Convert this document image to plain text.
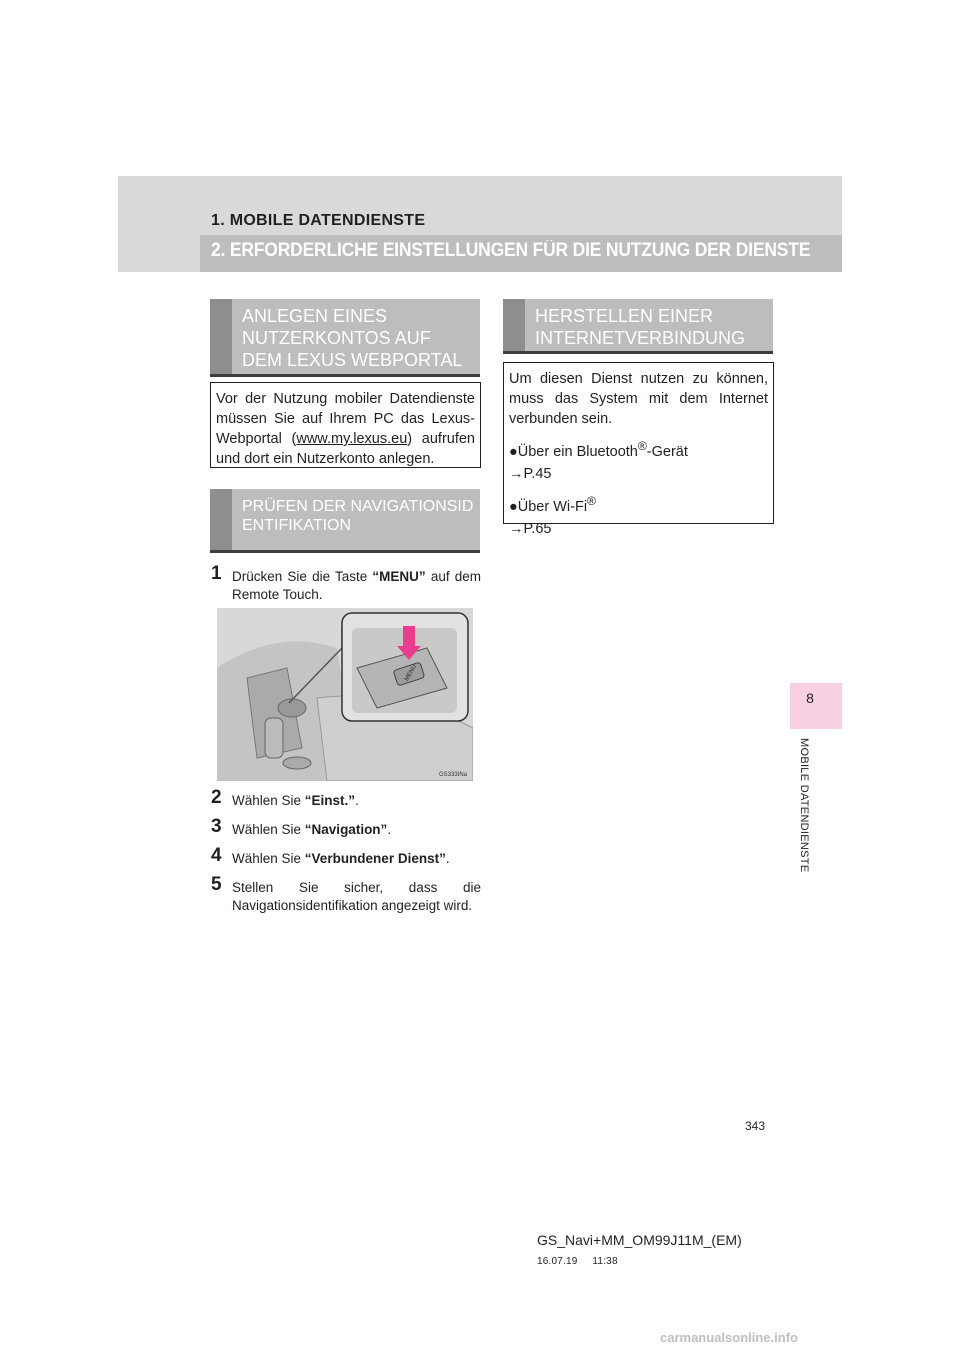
1. MOBILE DATENDIENSTE
2. ERFORDERLICHE EINSTELLUNGEN FÜR DIE NUTZUNG DER DIENSTE
8
MOBILE DATENDIENSTE
ANLEGEN EINES NUTZERKONTOS AUF DEM LEXUS WEBPORTAL

Vor der Nutzung mobiler Datendienste müssen Sie auf Ihrem PC das Lexus-Webportal (www.my.lexus.eu) aufrufen und dort ein Nutzerkonto anlegen.

PRÜFEN DER NAVIGATIONSIDENTIFIKATION
1 Drücken Sie die Taste “MENU” auf dem Remote Touch.
MENU
GS333INa
2 Wählen Sie “Einst.”.
3 Wählen Sie “Navigation”.
4 Wählen Sie “Verbundener Dienst”.
5 Stellen Sie sicher, dass die Navigationsidentifikation angezeigt wird.
HERSTELLEN EINER INTERNETVERBINDUNG

Um diesen Dienst nutzen zu können, muss das System mit dem Internet verbunden sein.

●Über ein Bluetooth®-Gerät

→P.45

●Über Wi-Fi®

→P.65

343
GS_Navi+MM_OM99J11M_(EM)
16.07.19     11:38
carmanualsonline.info
